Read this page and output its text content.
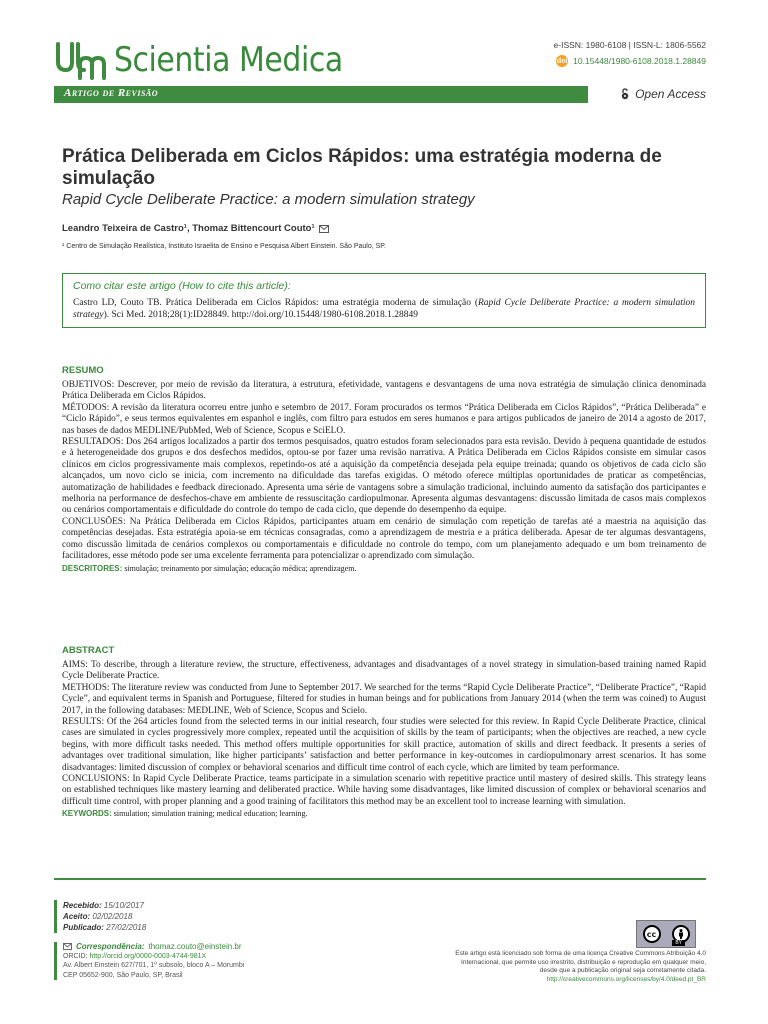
Scientia Medica	e-ISSN: 1980-6108 | ISSN-L: 1806-5562
doi 10.15448/1980-6108.2018.1.28849
Artigo de Revisão	Open Access
Prática Deliberada em Ciclos Rápidos: uma estratégia moderna de simulação
Rapid Cycle Deliberate Practice: a modern simulation strategy
Leandro Teixeira de Castro¹, Thomaz Bittencourt Couto¹
¹ Centro de Simulação Realística, Instituto Israelita de Ensino e Pesquisa Albert Einstein. São Paulo, SP.
Como citar este artigo (How to cite this article):
Castro LD, Couto TB. Prática Deliberada em Ciclos Rápidos: uma estratégia moderna de simulação (Rapid Cycle Deliberate Practice: a modern simulation strategy). Sci Med. 2018;28(1):ID28849. http://doi.org/10.15448/1980-6108.2018.1.28849
RESUMO

OBJETIVOS: Descrever, por meio de revisão da literatura, a estrutura, efetividade, vantagens e desvantagens de uma nova estratégia de simulação clínica denominada Prática Deliberada em Ciclos Rápidos.

MÉTODOS: A revisão da literatura ocorreu entre junho e setembro de 2017. Foram procurados os termos “Prática Deliberada em Ciclos Rápidos”, “Prática Deliberada” e “Ciclo Rápido”, e seus termos equivalentes em espanhol e inglês, com filtro para estudos em seres humanos e para artigos publicados de janeiro de 2014 a agosto de 2017, nas bases de dados MEDLINE/PubMed, Web of Science, Scopus e SciELO.

RESULTADOS: Dos 264 artigos localizados a partir dos termos pesquisados, quatro estudos foram selecionados para esta revisão. Devido à pequena quantidade de estudos e à heterogeneidade dos grupos e dos desfechos medidos, optou-se por fazer uma revisão narrativa. A Prática Deliberada em Ciclos Rápidos consiste em simular casos clínicos em ciclos progressivamente mais complexos, repetindo-os até a aquisição da competência desejada pela equipe treinada; quando os objetivos de cada ciclo são alcançados, um novo ciclo se inicia, com incremento na dificuldade das tarefas exigidas. O método oferece múltiplas oportunidades de praticar as competências, automatização de habilidades e feedback direcionado. Apresenta uma série de vantagens sobre a simulação tradicional, incluindo aumento da satisfação dos participantes e melhoria na performance de desfechos-chave em ambiente de ressuscitação cardiopulmonar. Apresenta algumas desvantagens: discussão limitada de casos mais complexos ou cenários comportamentais e dificuldade do controle do tempo de cada ciclo, que depende do desempenho da equipe.

CONCLUSÕES: Na Prática Deliberada em Ciclos Rápidos, participantes atuam em cenário de simulação com repetição de tarefas até a maestria na aquisição das competências desejadas. Esta estratégia apoia-se em técnicas consagradas, como a aprendizagem de mestria e a prática deliberada. Apesar de ter algumas desvantagens, como discussão limitada de cenários complexos ou comportamentais e dificuldade no controle do tempo, com um planejamento adequado e um bom treinamento de facilitadores, esse método pode ser uma excelente ferramenta para potencializar o aprendizado com simulação.

DESCRITORES: simulação; treinamento por simulação; educação médica; aprendizagem.

ABSTRACT

AIMS: To describe, through a literature review, the structure, effectiveness, advantages and disadvantages of a novel strategy in simulation-based training named Rapid Cycle Deliberate Practice.

METHODS: The literature review was conducted from June to September 2017. We searched for the terms “Rapid Cycle Deliberate Practice”, “Deliberate Practice”, “Rapid Cycle”, and equivalent terms in Spanish and Portuguese, filtered for studies in human beings and for publications from January 2014 (when the term was coined) to August 2017, in the following databases: MEDLINE, Web of Science, Scopus and Scielo.

RESULTS: Of the 264 articles found from the selected terms in our initial research, four studies were selected for this review. In Rapid Cycle Deliberate Practice, clinical cases are simulated in cycles progressively more complex, repeated until the acquisition of skills by the team of participants; when the objectives are reached, a new cycle begins, with more difficult tasks needed. This method offers multiple opportunities for skill practice, automation of skills and direct feedback. It presents a series of advantages over traditional simulation, like higher participants’ satisfaction and better performance in key-outcomes in cardiopulmonary arrest scenarios. It has some disadvantages: limited discussion of complex or behavioral scenarios and difficult time control of each cycle, which are limited by team performance.

CONCLUSIONS: In Rapid Cycle Deliberate Practice, teams participate in a simulation scenario with repetitive practice until mastery of desired skills. This strategy leans on established techniques like mastery learning and deliberated practice. While having some disadvantages, like limited discussion of complex or behavioral scenarios and difficult time control, with proper planning and a good training of facilitators this method may be an excellent tool to increase learning with simulation.

KEYWORDS: simulation; simulation training; medical education; learning.

Recebido: 15/10/2017
Aceito: 02/02/2018
Publicado: 27/02/2018
Correspondência: thomaz.couto@einstein.br
ORCID: http://orcid.org/0000-0003-4744-981X
Av. Albert Einstein 627/701, 1º subsolo, bloco A – Morumbi
CEP 05652-900, São Paulo, SP, Brasil
cc
BY
Este artigo está licenciado sob forma de uma licença Creative Commons Atribuição 4.0 Internacional, que permite uso irrestrito, distribuição e reprodução em qualquer meio, desde que a publicação original seja corretamente citada.
http://creativecommons.org/licenses/by/4.0/deed.pt_BR
